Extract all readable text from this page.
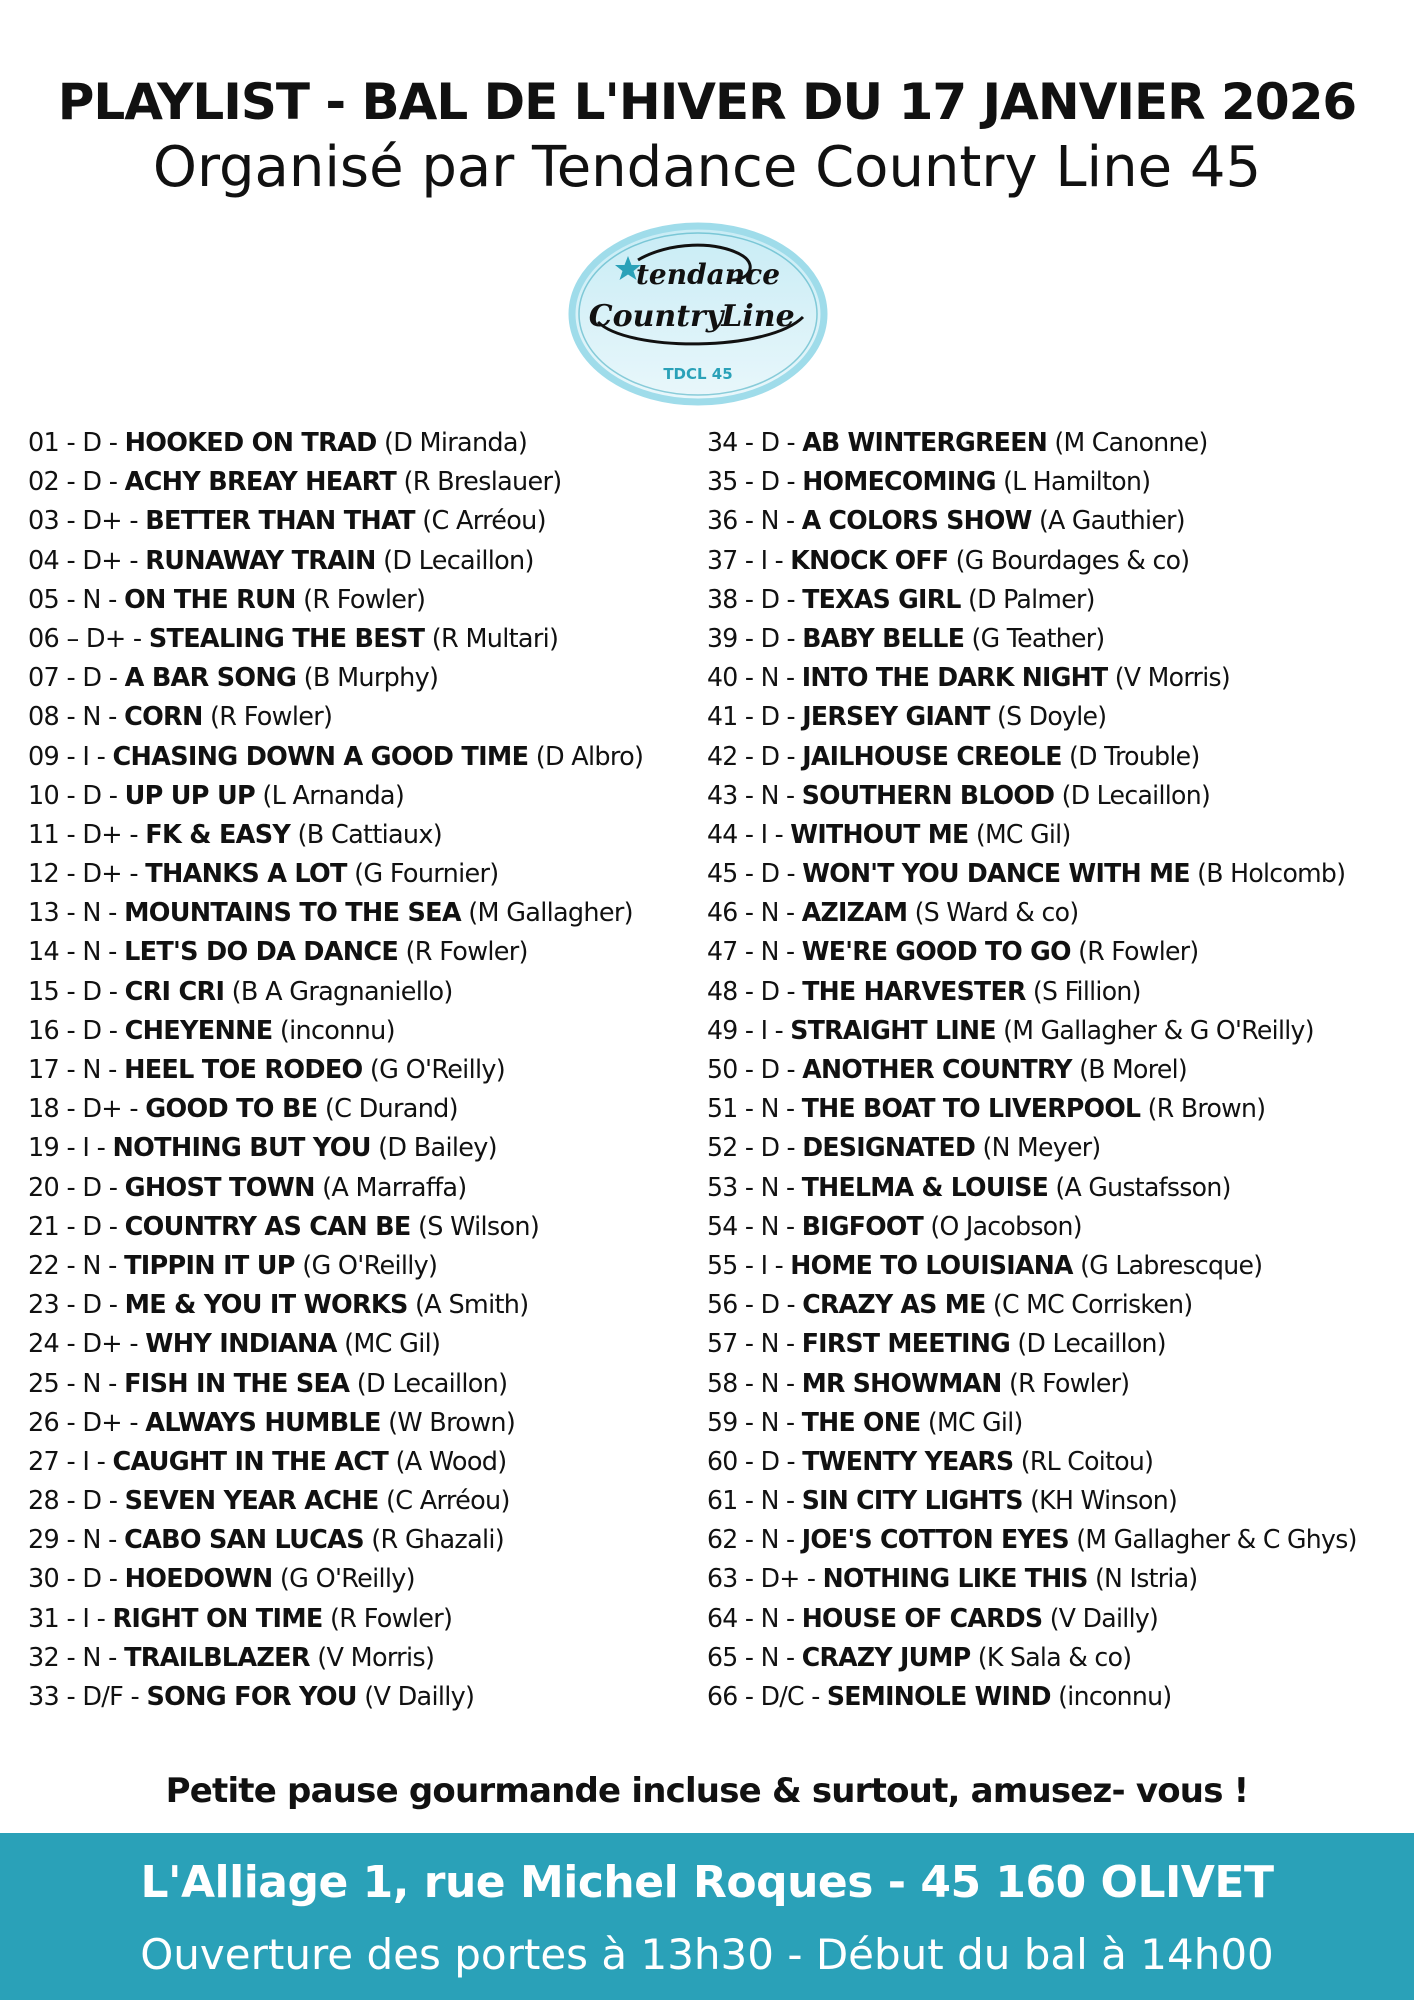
PLAYLIST - BAL DE L'HIVER DU 17 JANVIER 2026
Organisé par Tendance Country Line 45
tendance
Country
Line
TDCL 45
01 - D - HOOKED ON TRAD (D Miranda)
02 - D - ACHY BREAY HEART (R Breslauer)
03 - D+ - BETTER THAN THAT (C Arréou)
04 - D+ - RUNAWAY TRAIN (D Lecaillon)
05 - N - ON THE RUN (R Fowler)
06 – D+ - STEALING THE BEST (R Multari)
07 - D - A BAR SONG (B Murphy)
08 - N - CORN (R Fowler)
09 - I - CHASING DOWN A GOOD TIME (D Albro)
10 - D - UP UP UP (L Arnanda)
11 - D+ - FK & EASY (B Cattiaux)
12 - D+ - THANKS A LOT (G Fournier)
13 - N - MOUNTAINS TO THE SEA (M Gallagher)
14 - N - LET'S DO DA DANCE (R Fowler)
15 - D - CRI CRI (B A Gragnaniello)
16 - D - CHEYENNE (inconnu)
17 - N - HEEL TOE RODEO (G O'Reilly)
18 - D+ - GOOD TO BE (C Durand)
19 - I - NOTHING BUT YOU (D Bailey)
20 - D - GHOST TOWN (A Marraffa)
21 - D - COUNTRY AS CAN BE (S Wilson)
22 - N - TIPPIN IT UP (G O'Reilly)
23 - D - ME & YOU IT WORKS (A Smith)
24 - D+ - WHY INDIANA (MC Gil)
25 - N - FISH IN THE SEA (D Lecaillon)
26 - D+ - ALWAYS HUMBLE (W Brown)
27 - I - CAUGHT IN THE ACT (A Wood)
28 - D - SEVEN YEAR ACHE (C Arréou)
29 - N - CABO SAN LUCAS (R Ghazali)
30 - D - HOEDOWN (G O'Reilly)
31 - I - RIGHT ON TIME (R Fowler)
32 - N - TRAILBLAZER (V Morris)
33 - D/F - SONG FOR YOU (V Dailly)
34 - D - AB WINTERGREEN (M Canonne)
35 - D - HOMECOMING (L Hamilton)
36 - N - A COLORS SHOW (A Gauthier)
37 - I - KNOCK OFF (G Bourdages & co)
38 - D - TEXAS GIRL (D Palmer)
39 - D - BABY BELLE (G Teather)
40 - N - INTO THE DARK NIGHT (V Morris)
41 - D - JERSEY GIANT (S Doyle)
42 - D - JAILHOUSE CREOLE (D Trouble)
43 - N - SOUTHERN BLOOD (D Lecaillon)
44 - I - WITHOUT ME (MC Gil)
45 - D - WON'T YOU DANCE WITH ME (B Holcomb)
46 - N - AZIZAM (S Ward & co)
47 - N - WE'RE GOOD TO GO (R Fowler)
48 - D - THE HARVESTER (S Fillion)
49 - I - STRAIGHT LINE (M Gallagher & G O'Reilly)
50 - D - ANOTHER COUNTRY (B Morel)
51 - N - THE BOAT TO LIVERPOOL (R Brown)
52 - D - DESIGNATED (N Meyer)
53 - N - THELMA & LOUISE (A Gustafsson)
54 - N - BIGFOOT (O Jacobson)
55 - I - HOME TO LOUISIANA (G Labrescque)
56 - D - CRAZY AS ME (C MC Corrisken)
57 - N - FIRST MEETING (D Lecaillon)
58 - N - MR SHOWMAN (R Fowler)
59 - N - THE ONE (MC Gil)
60 - D - TWENTY YEARS (RL Coitou)
61 - N - SIN CITY LIGHTS (KH Winson)
62 - N - JOE'S COTTON EYES (M Gallagher & C Ghys)
63 - D+ - NOTHING LIKE THIS (N Istria)
64 - N - HOUSE OF CARDS (V Dailly)
65 - N - CRAZY JUMP (K Sala & co)
66 - D/C - SEMINOLE WIND (inconnu)
Petite pause gourmande incluse & surtout, amusez- vous !
L'Alliage 1, rue Michel Roques - 45 160 OLIVET
Ouverture des portes à 13h30 - Début du bal à 14h00
